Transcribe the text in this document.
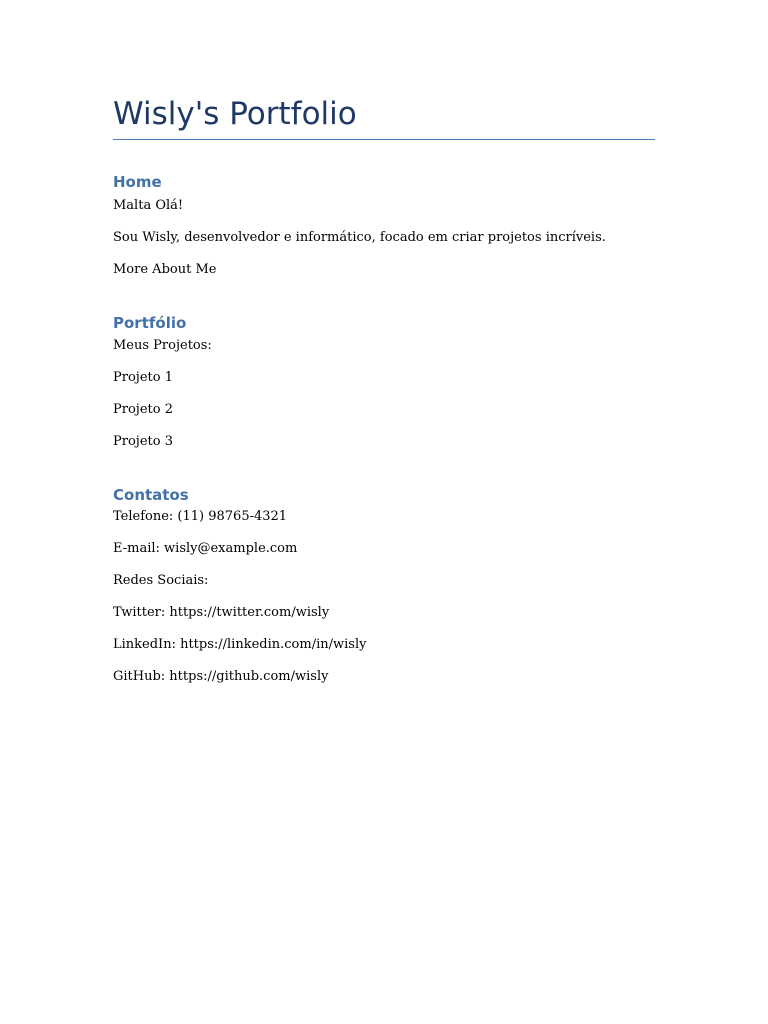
Wisly's Portfolio
Home

Malta Olá!

Sou Wisly, desenvolvedor e informático, focado em criar projetos incríveis.

More About Me

Portfólio

Meus Projetos:

Projeto 1

Projeto 2

Projeto 3

Contatos

Telefone: (11) 98765-4321

E-mail: wisly@example.com

Redes Sociais:

Twitter: https://twitter.com/wisly

LinkedIn: https://linkedin.com/in/wisly

GitHub: https://github.com/wisly
